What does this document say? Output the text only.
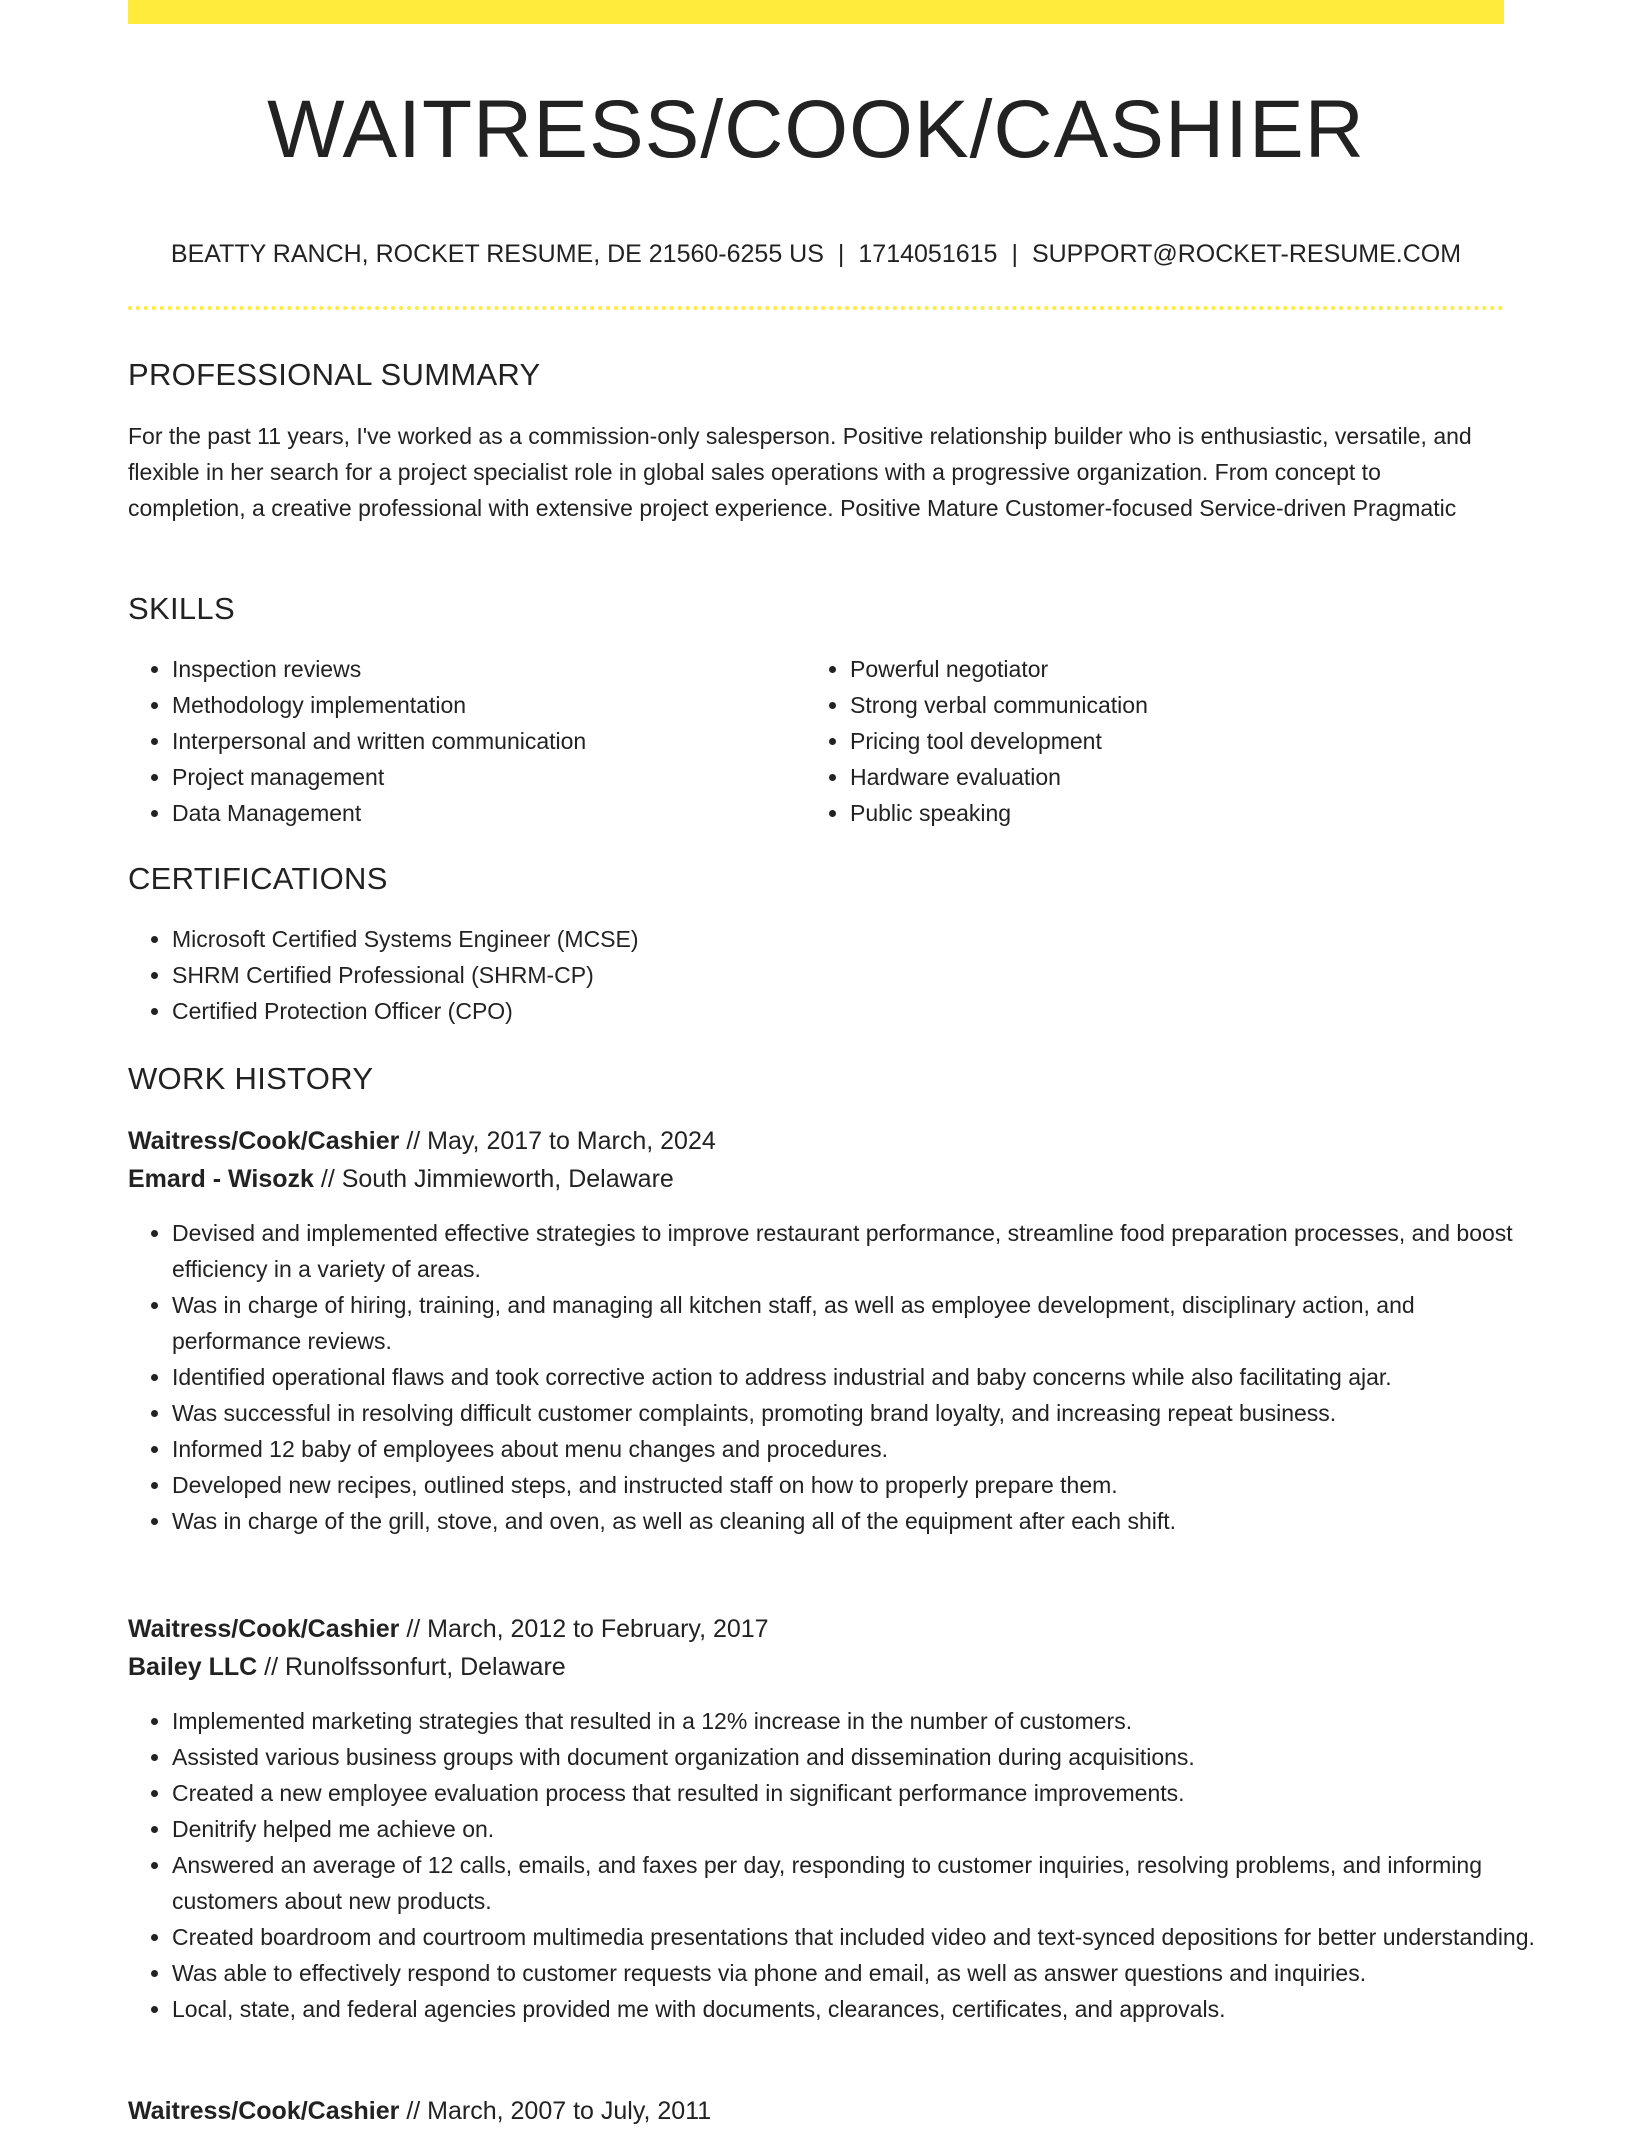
WAITRESS/COOK/CASHIER
BEATTY RANCH, ROCKET RESUME, DE 21560-6255 US | 1714051615 | SUPPORT@ROCKET-RESUME.COM
PROFESSIONAL SUMMARY

For the past 11 years, I've worked as a commission-only salesperson. Positive relationship builder who is enthusiastic, versatile, and flexible in her search for a project specialist role in global sales operations with a progressive organization. From concept to completion, a creative professional with extensive project experience. Positive Mature Customer-focused Service-driven Pragmatic

SKILLS
• Inspection reviews
• Methodology implementation
• Interpersonal and written communication
• Project management
• Data Management
• Powerful negotiator
• Strong verbal communication
• Pricing tool development
• Hardware evaluation
• Public speaking
CERTIFICATIONS
• Microsoft Certified Systems Engineer (MCSE)
• SHRM Certified Professional (SHRM-CP)
• Certified Protection Officer (CPO)
WORK HISTORY
Waitress/Cook/Cashier // May, 2017 to March, 2024
Emard - Wisozk // South Jimmieworth, Delaware
• Devised and implemented effective strategies to improve restaurant performance, streamline food preparation processes, and boost efficiency in a variety of areas.
• Was in charge of hiring, training, and managing all kitchen staff, as well as employee development, disciplinary action, and performance reviews.
• Identified operational flaws and took corrective action to address industrial and baby concerns while also facilitating ajar.
• Was successful in resolving difficult customer complaints, promoting brand loyalty, and increasing repeat business.
• Informed 12 baby of employees about menu changes and procedures.
• Developed new recipes, outlined steps, and instructed staff on how to properly prepare them.
• Was in charge of the grill, stove, and oven, as well as cleaning all of the equipment after each shift.
Waitress/Cook/Cashier // March, 2012 to February, 2017
Bailey LLC // Runolfssonfurt, Delaware
• Implemented marketing strategies that resulted in a 12% increase in the number of customers.
• Assisted various business groups with document organization and dissemination during acquisitions.
• Created a new employee evaluation process that resulted in significant performance improvements.
• Denitrify helped me achieve on.
• Answered an average of 12 calls, emails, and faxes per day, responding to customer inquiries, resolving problems, and informing customers about new products.
• Created boardroom and courtroom multimedia presentations that included video and text-synced depositions for better understanding.
• Was able to effectively respond to customer requests via phone and email, as well as answer questions and inquiries.
• Local, state, and federal agencies provided me with documents, clearances, certificates, and approvals.
Waitress/Cook/Cashier // March, 2007 to July, 2011
